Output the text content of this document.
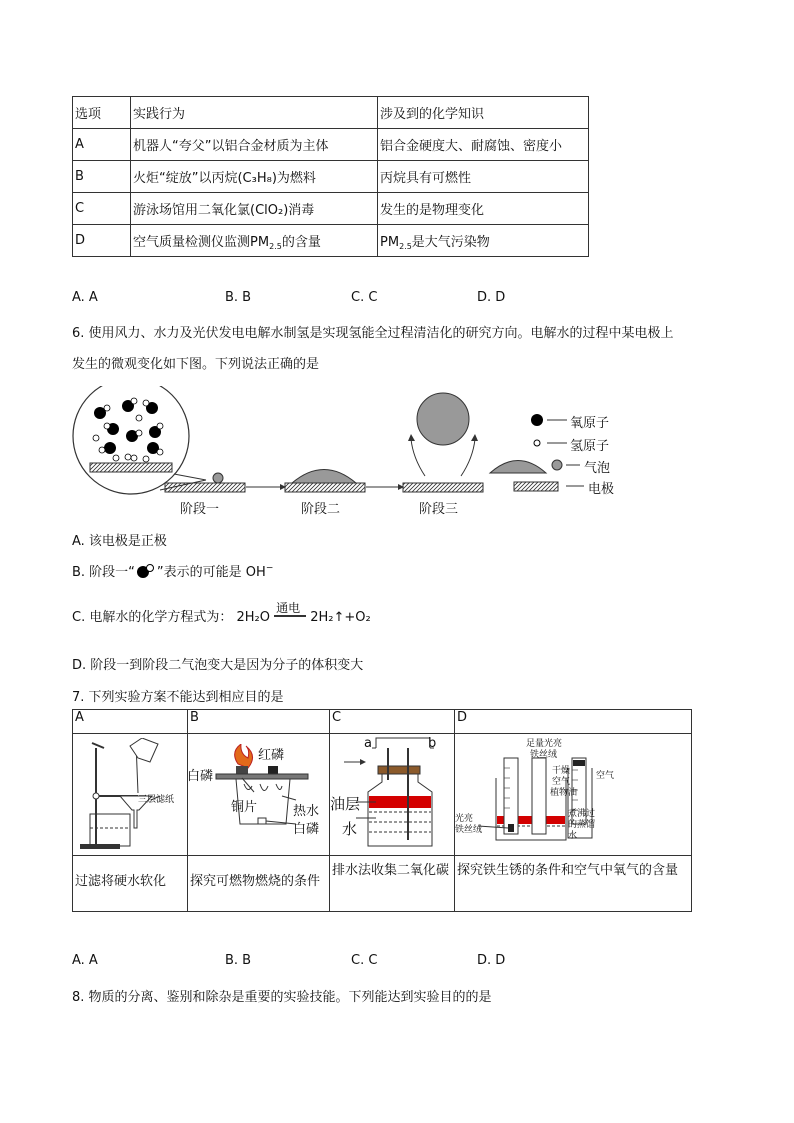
选项	实践行为	涉及到的化学知识
A	机器人“夸父”以铝合金材质为主体	铝合金硬度大、耐腐蚀、密度小
B	火炬“绽放”以丙烷(C₃H₈)为燃料	丙烷具有可燃性
C	游泳场馆用二氧化氯(ClO₂)消毒	发生的是物理变化
D	空气质量检测仪监测$PM_{2.5}$的含量	$PM_{2.5}$是大气污染物
A. A	B. B	C. C	D. D
6. 使用风力、水力及光伏发电电解水制氢是实现氢能全过程清洁化的研究方向。电解水的过程中某电极上
发生的微观变化如下图。下列说法正确的是
阶段一	阶段二	阶段三
氧原子
氢原子
气泡
电极
A. 该电极是正极
B. 阶段一“ ”表示的可能是 OH−
C. 电解水的化学方程式为： 2H₂O
通电
2H₂↑+O₂
D. 阶段一到阶段二气泡变大是因为分子的体积变大
7. 下列实验方案不能达到相应目的是
A	B	C	D

过滤将硬水软化	探究可燃物燃烧的条件	排水法收集二氧化碳	探究铁生锈的条件和空气中氧气的含量
三层滤纸
红磷
白磷
铜片	热水
白磷
a	b
油层
水
足量光亮
铁丝绒
干燥
空气
植物油
煮沸过
的蒸馏
水
光亮
铁丝绒
空气
A. A	B. B	C. C	D. D
8. 物质的分离、鉴别和除杂是重要的实验技能。下列能达到实验目的的是
